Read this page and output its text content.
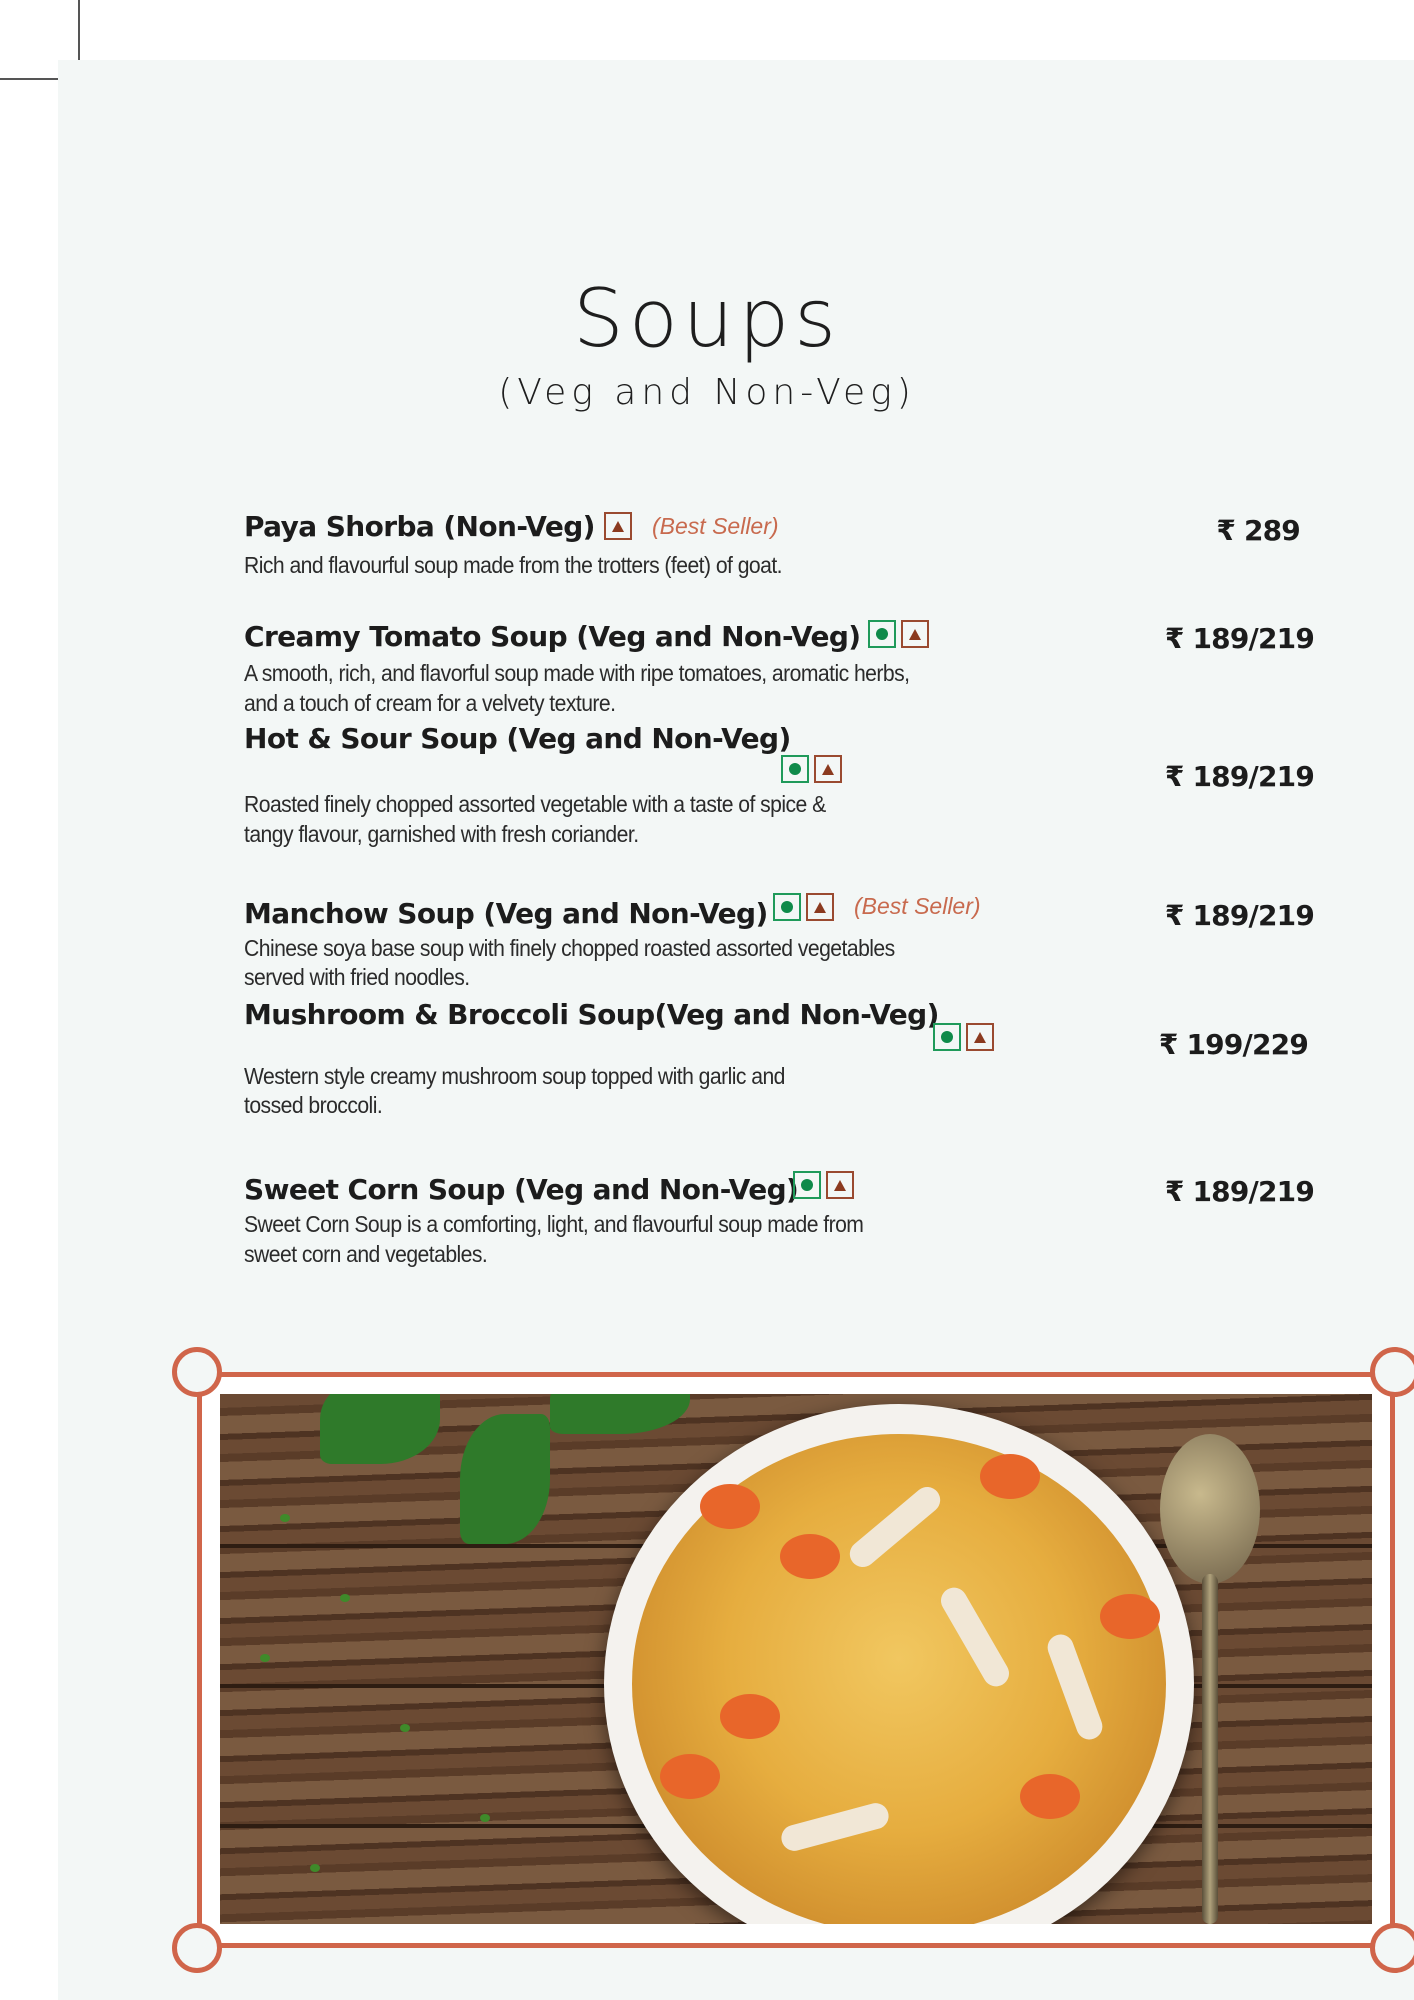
Soups
(Veg and Non-Veg)
Paya Shorba (Non-Veg) (Best Seller)
Rich and flavourful soup made from the trotters (feet) of goat.
₹ 289
Creamy Tomato Soup (Veg and Non-Veg)
A smooth, rich, and flavorful soup made with ripe tomatoes, aromatic herbs,
and a touch of cream for a velvety texture.
₹ 189/219
Hot & Sour Soup (Veg and Non-Veg)
Roasted finely chopped assorted vegetable with a taste of spice &
tangy flavour, garnished with fresh coriander.
₹ 189/219
Manchow Soup (Veg and Non-Veg)	(Best Seller)
Chinese soya base soup with finely chopped roasted assorted vegetables
served with fried noodles.
₹ 189/219
Mushroom & Broccoli Soup(Veg and Non-Veg)
Western style creamy mushroom soup topped with garlic and
tossed broccoli.
₹ 199/229
Sweet Corn Soup (Veg and Non-Veg)
Sweet Corn Soup is a comforting, light, and flavourful soup made from
sweet corn and vegetables.
₹ 189/219
